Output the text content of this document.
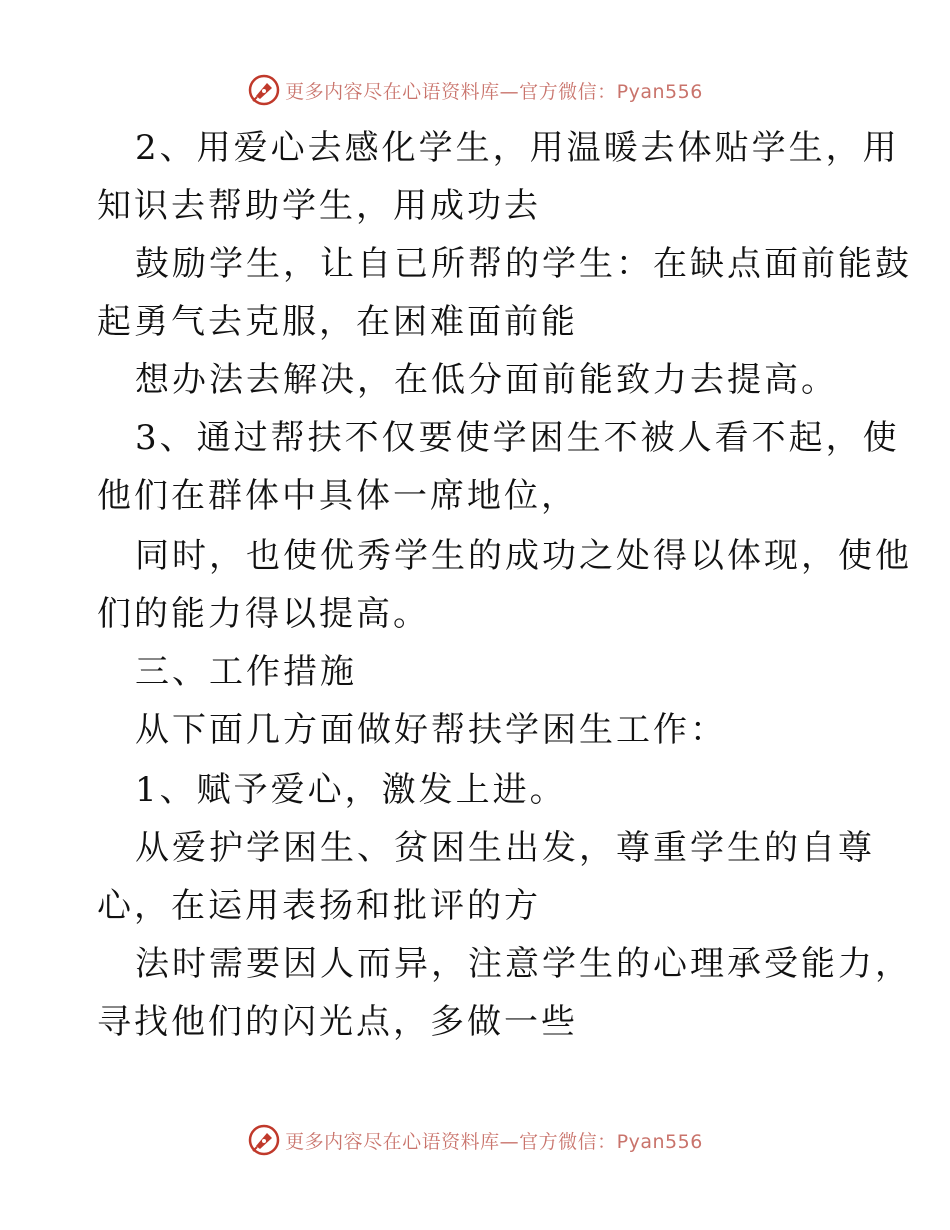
更多内容尽在心语资料库—官方微信：Pyan556
2、用爱心去感化学生，用温暖去体贴学生，用
知识去帮助学生，用成功去
鼓励学生，让自已所帮的学生：在缺点面前能鼓
起勇气去克服，在困难面前能
想办法去解决，在低分面前能致力去提高。
3、通过帮扶不仅要使学困生不被人看不起，使
他们在群体中具体一席地位，
同时，也使优秀学生的成功之处得以体现，使他
们的能力得以提高。
三、工作措施
从下面几方面做好帮扶学困生工作：
1、赋予爱心，激发上进。
从爱护学困生、贫困生出发，尊重学生的自尊
心，在运用表扬和批评的方
法时需要因人而异，注意学生的心理承受能力，
寻找他们的闪光点，多做一些
更多内容尽在心语资料库—官方微信：Pyan556
